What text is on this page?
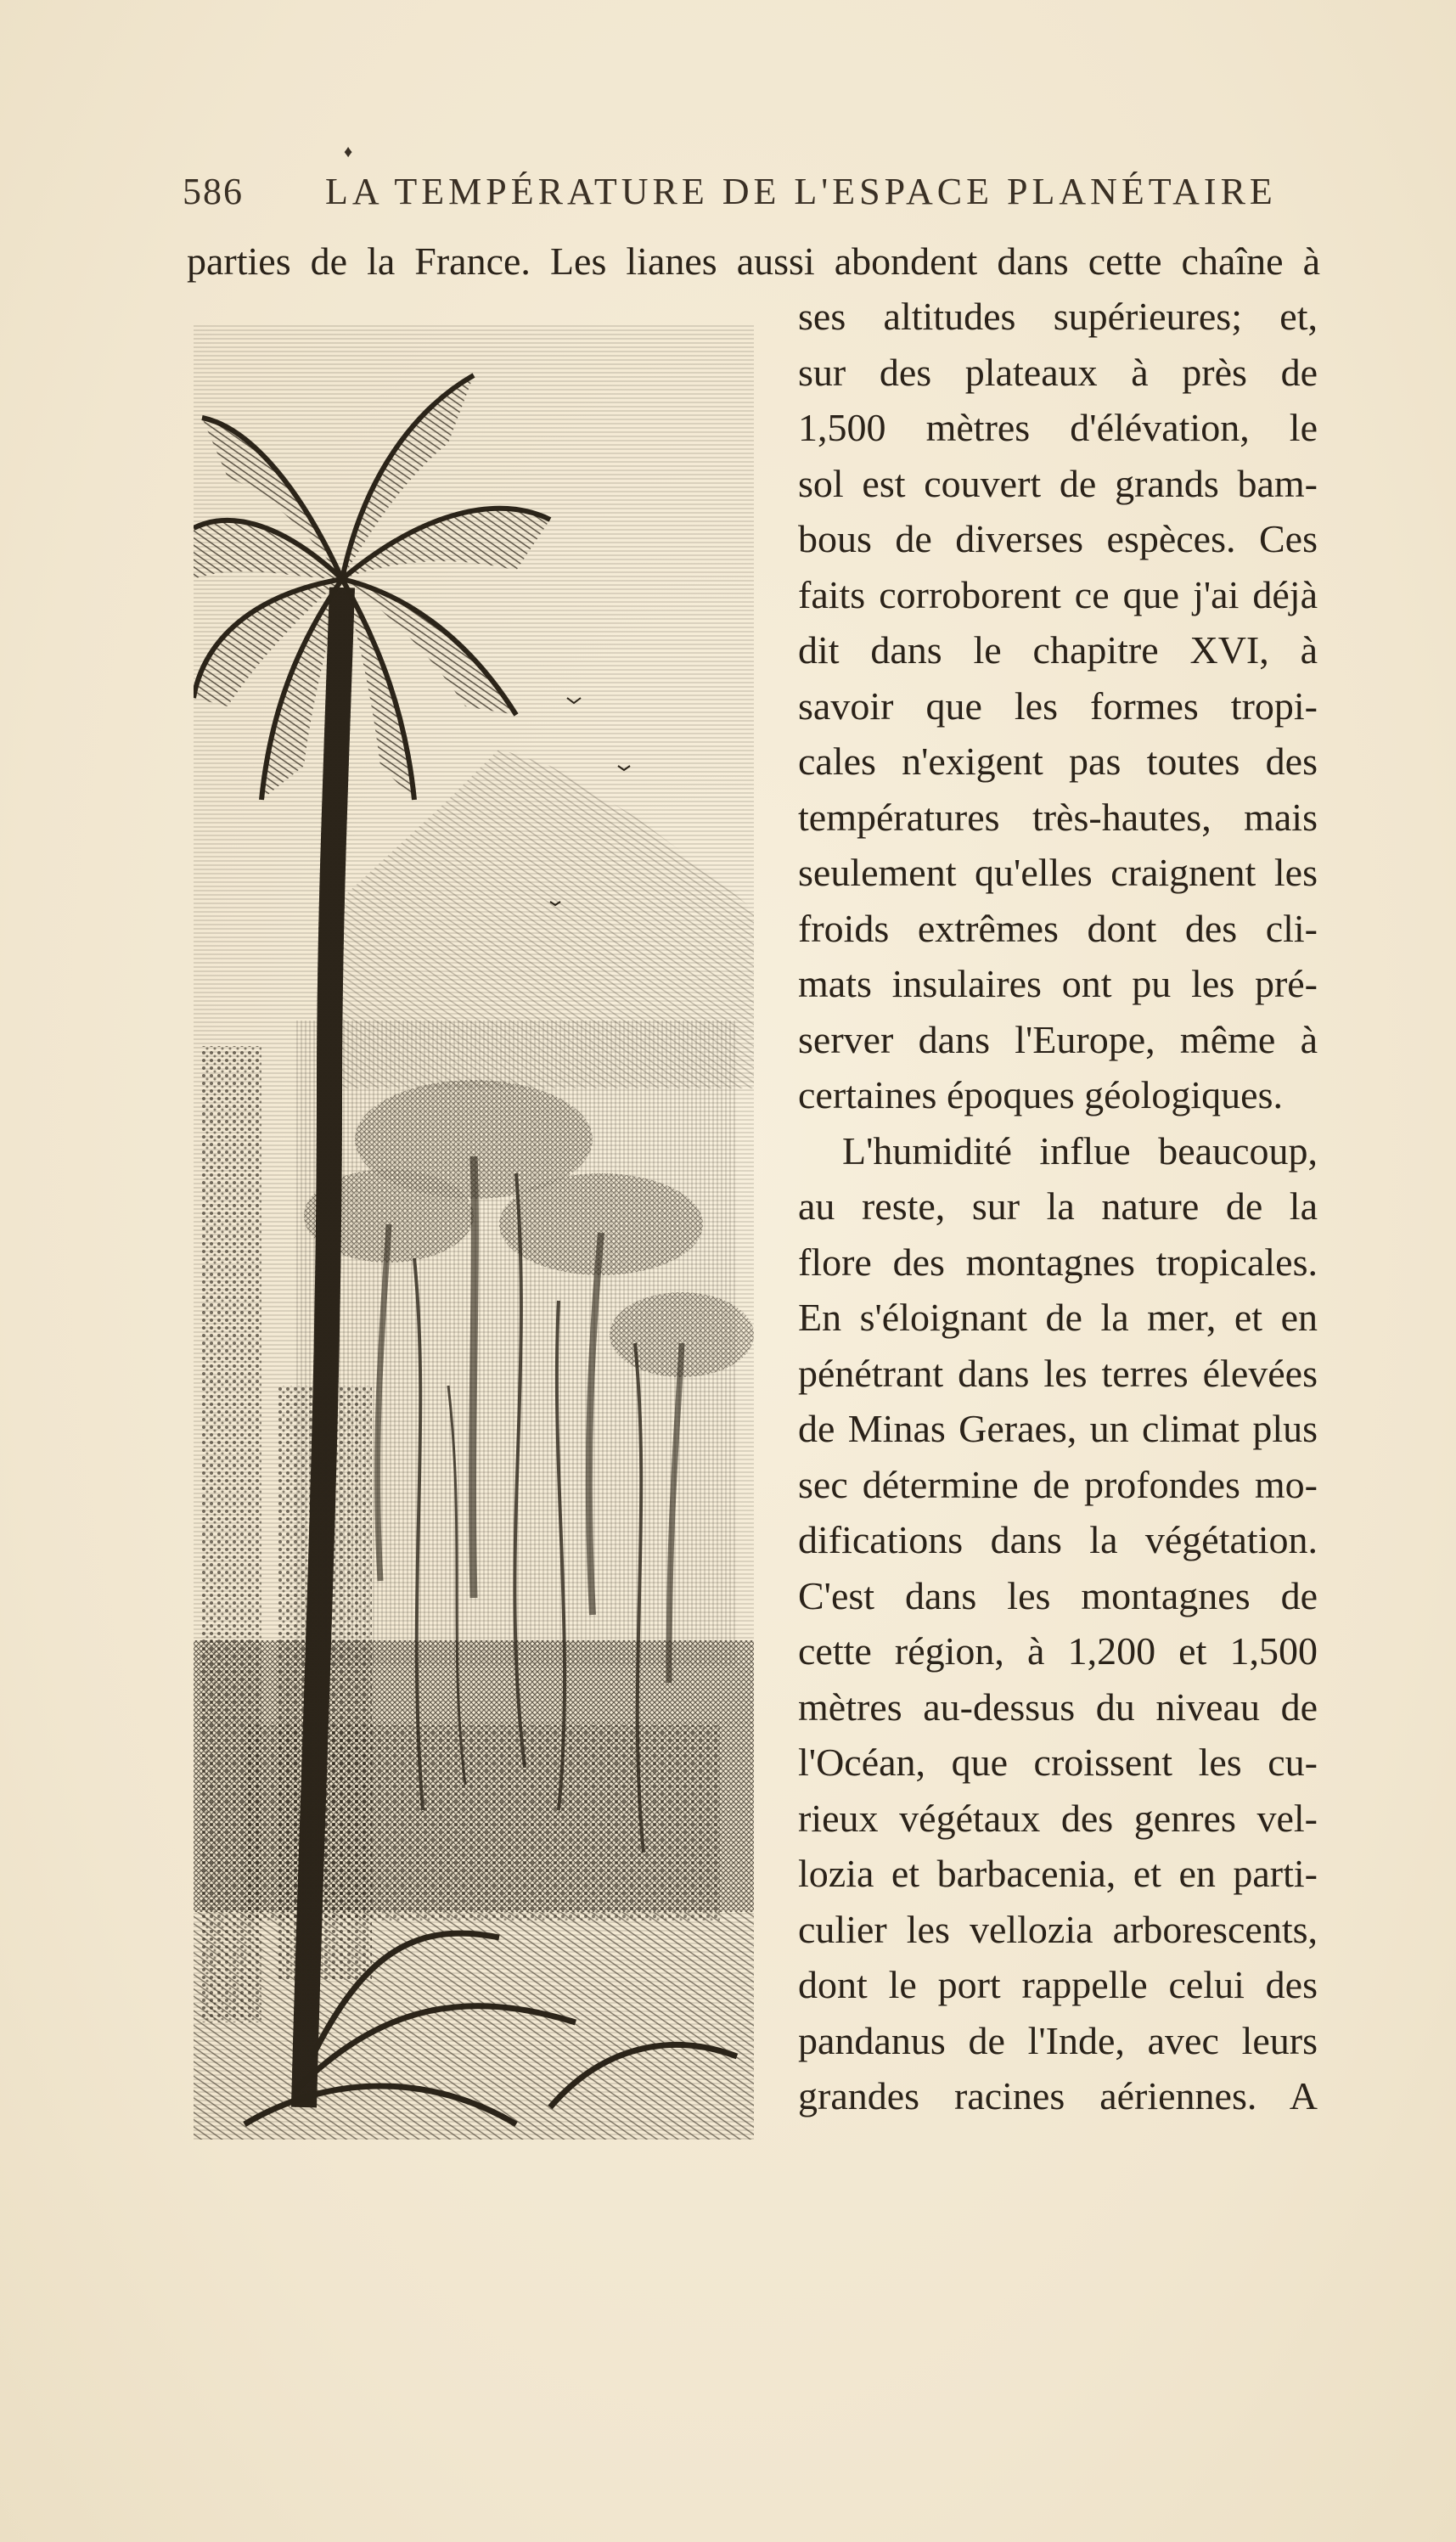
♦
586 LA TEMPÉRATURE DE L'ESPACE PLANÉTAIRE
parties de la France. Les lianes aussi abondent dans cette chaîne à
ses altitudes supérieures; et,
sur des plateaux à près de
1,500 mètres d'élévation, le
sol est couvert de grands bam-
bous de diverses espèces. Ces
faits corroborent ce que j'ai déjà
dit dans le chapitre XVI, à
savoir que les formes tropi-
cales n'exigent pas toutes des
températures très-hautes, mais
seulement qu'elles craignent les
froids extrêmes dont des cli-
mats insulaires ont pu les pré-
server dans l'Europe, même à
certaines époques géologiques.
L'humidité influe beaucoup,
au reste, sur la nature de la
flore des montagnes tropicales.
En s'éloignant de la mer, et en
pénétrant dans les terres élevées
de Minas Geraes, un climat plus
sec détermine de profondes mo-
difications dans la végétation.
C'est dans les montagnes de
cette région, à 1,200 et 1,500
mètres au-dessus du niveau de
l'Océan, que croissent les cu-
rieux végétaux des genres vel-
lozia et barbacenia, et en parti-
culier les vellozia arborescents,
dont le port rappelle celui des
pandanus de l'Inde, avec leurs
grandes racines aériennes. A
